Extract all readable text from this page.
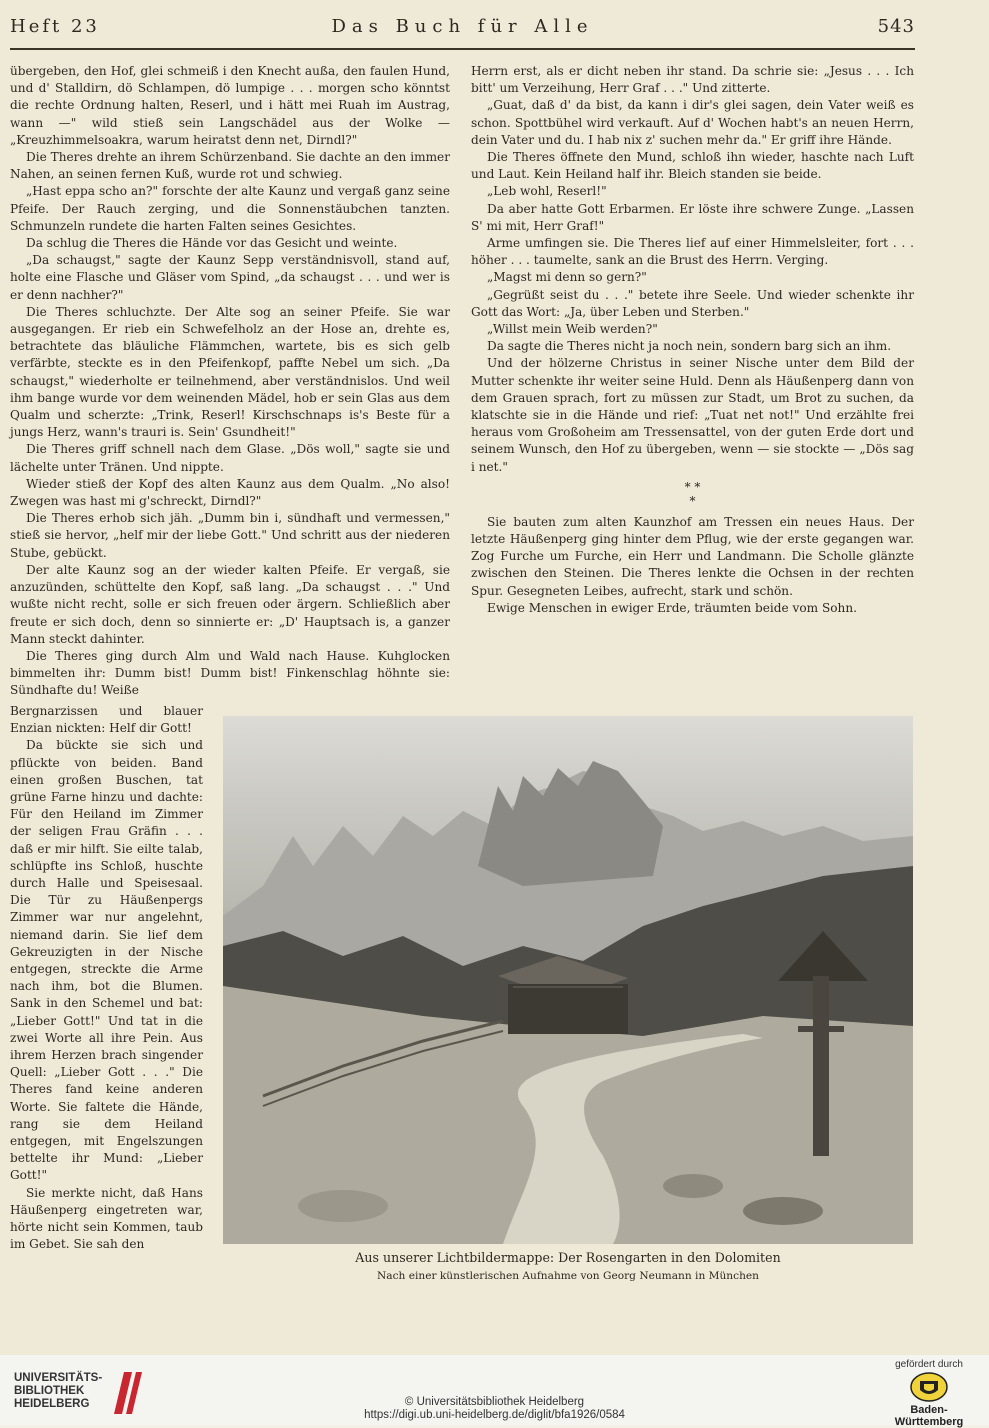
Heft 23	Das Buch für Alle	543

übergeben, den Hof, glei schmeiß i den Knecht außa, den faulen Hund, und d' Stalldirn, dö Schlampen, dö lumpige . . . morgen scho könntst die rechte Ordnung halten, Reserl, und i hätt mei Ruah im Austrag, wann —" wild stieß sein Langschädel aus der Wolke — „Kreuzhimmelsoakra, warum heiratst denn net, Dirndl?"

Die Theres drehte an ihrem Schürzenband. Sie dachte an den immer Nahen, an seinen fernen Kuß, wurde rot und schwieg.

„Hast eppa scho an?" forschte der alte Kaunz und vergaß ganz seine Pfeife. Der Rauch zerging, und die Sonnenstäubchen tanzten. Schmunzeln rundete die harten Falten seines Gesichtes.

Da schlug die Theres die Hände vor das Gesicht und weinte.

„Da schaugst," sagte der Kaunz Sepp verständnisvoll, stand auf, holte eine Flasche und Gläser vom Spind, „da schaugst . . . und wer is er denn nachher?"

Die Theres schluchzte. Der Alte sog an seiner Pfeife. Sie war ausgegangen. Er rieb ein Schwefelholz an der Hose an, drehte es, betrachtete das bläuliche Flämmchen, wartete, bis es sich gelb verfärbte, steckte es in den Pfeifenkopf, paffte Nebel um sich. „Da schaugst," wiederholte er teilnehmend, aber verständnislos. Und weil ihm bange wurde vor dem weinenden Mädel, hob er sein Glas aus dem Qualm und scherzte: „Trink, Reserl! Kirschschnaps is's Beste für a jungs Herz, wann's trauri is. Sein' Gsundheit!"

Die Theres griff schnell nach dem Glase. „Dös woll," sagte sie und lächelte unter Tränen. Und nippte.

Wieder stieß der Kopf des alten Kaunz aus dem Qualm. „No also! Zwegen was hast mi g'schreckt, Dirndl?"

Die Theres erhob sich jäh. „Dumm bin i, sündhaft und vermessen," stieß sie hervor, „helf mir der liebe Gott." Und schritt aus der niederen Stube, gebückt.

Der alte Kaunz sog an der wieder kalten Pfeife. Er vergaß, sie anzuzünden, schüttelte den Kopf, saß lang. „Da schaugst . . ." Und wußte nicht recht, solle er sich freuen oder ärgern. Schließlich aber freute er sich doch, denn so sinnierte er: „D' Hauptsach is, a ganzer Mann steckt dahinter.

Die Theres ging durch Alm und Wald nach Hause. Kuhglocken bimmelten ihr: Dumm bist! Dumm bist! Finkenschlag höhnte sie: Sündhafte du! Weiße

Bergnarzissen und blauer Enzian nickten: Helf dir Gott!

Da bückte sie sich und pflückte von beiden. Band einen großen Buschen, tat grüne Farne hinzu und dachte: Für den Heiland im Zimmer der seligen Frau Gräfin . . . daß er mir hilft. Sie eilte talab, schlüpfte ins Schloß, huschte durch Halle und Speisesaal. Die Tür zu Häußenpergs Zimmer war nur angelehnt, niemand darin. Sie lief dem Gekreuzigten in der Nische entgegen, streckte die Arme nach ihm, bot die Blumen. Sank in den Schemel und bat: „Lieber Gott!" Und tat in die zwei Worte all ihre Pein. Aus ihrem Herzen brach singender Quell: „Lieber Gott . . ." Die Theres fand keine anderen Worte. Sie faltete die Hände, rang sie dem Heiland entgegen, mit Engelszungen bettelte ihr Mund: „Lieber Gott!"

Sie merkte nicht, daß Hans Häußenperg eingetreten war, hörte nicht sein Kommen, taub im Gebet. Sie sah den

Herrn erst, als er dicht neben ihr stand. Da schrie sie: „Jesus . . . Ich bitt' um Verzeihung, Herr Graf . . ." Und zitterte.

„Guat, daß d' da bist, da kann i dir's glei sagen, dein Vater weiß es schon. Spottbühel wird verkauft. Auf d' Wochen habt's an neuen Herrn, dein Vater und du. I hab nix z' suchen mehr da." Er griff ihre Hände.

Die Theres öffnete den Mund, schloß ihn wieder, haschte nach Luft und Laut. Kein Heiland half ihr. Bleich standen sie beide.

„Leb wohl, Reserl!"

Da aber hatte Gott Erbarmen. Er löste ihre schwere Zunge. „Lassen S' mi mit, Herr Graf!"

Arme umfingen sie. Die Theres lief auf einer Himmelsleiter, fort . . . höher . . . taumelte, sank an die Brust des Herrn. Verging.

„Magst mi denn so gern?"

„Gegrüßt seist du . . ." betete ihre Seele. Und wieder schenkte ihr Gott das Wort: „Ja, über Leben und Sterben."

„Willst mein Weib werden?"

Da sagte die Theres nicht ja noch nein, sondern barg sich an ihm.

Und der hölzerne Christus in seiner Nische unter dem Bild der Mutter schenkte ihr weiter seine Huld. Denn als Häußenperg dann von dem Grauen sprach, fort zu müssen zur Stadt, um Brot zu suchen, da klatschte sie in die Hände und rief: „Tuat net not!" Und erzählte frei heraus vom Großoheim am Tressensattel, von der guten Erde dort und seinem Wunsch, den Hof zu übergeben, wenn — sie stockte — „Dös sag i net."

* *
*

Sie bauten zum alten Kaunzhof am Tressen ein neues Haus. Der letzte Häußenperg ging hinter dem Pflug, wie der erste gegangen war. Zog Furche um Furche, ein Herr und Landmann. Die Scholle glänzte zwischen den Steinen. Die Theres lenkte die Ochsen in der rechten Spur. Gesegneten Leibes, aufrecht, stark und schön.

Ewige Menschen in ewiger Erde, träumten beide vom Sohn.

Aus unserer Lichtbildermappe: Der Rosengarten in den Dolomiten
Nach einer künstlerischen Aufnahme von Georg Neumann in München
UNIVERSITÄTS-
BIBLIOTHEK
HEIDELBERG	© Universitätsbibliothek Heidelberg
https://digi.ub.uni-heidelberg.de/diglit/bfa1926/0584
gefördert durch
Baden-Württemberg
